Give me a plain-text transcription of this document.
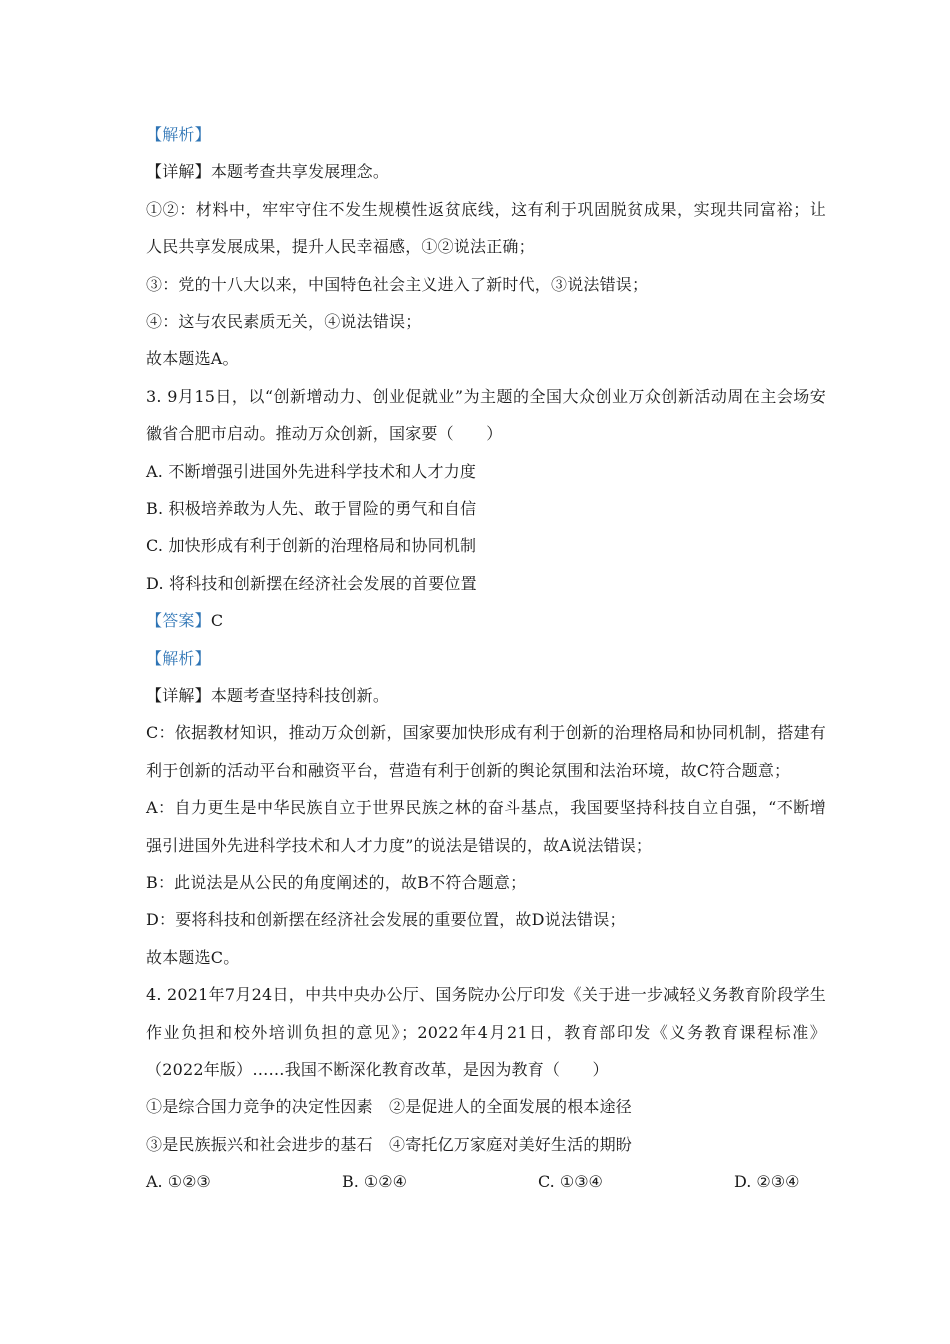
【解析】
【详解】本题考查共享发展理念。
①②：材料中，牢牢守住不发生规模性返贫底线，这有利于巩固脱贫成果，实现共同富裕；让人民共享发展成果，提升人民幸福感，①②说法正确；
③：党的十八大以来，中国特色社会主义进入了新时代，③说法错误；
④：这与农民素质无关，④说法错误；
故本题选A。
3. 9月15日，以“创新增动力、创业促就业”为主题的全国大众创业万众创新活动周在主会场安徽省合肥市启动。推动万众创新，国家要（　　）
A. 不断增强引进国外先进科学技术和人才力度
B. 积极培养敢为人先、敢于冒险的勇气和自信
C. 加快形成有利于创新的治理格局和协同机制
D. 将科技和创新摆在经济社会发展的首要位置
【答案】C
【解析】
【详解】本题考查坚持科技创新。
C：依据教材知识，推动万众创新，国家要加快形成有利于创新的治理格局和协同机制，搭建有利于创新的活动平台和融资平台，营造有利于创新的舆论氛围和法治环境，故C符合题意；
A：自力更生是中华民族自立于世界民族之林的奋斗基点，我国要坚持科技自立自强，“不断增强引进国外先进科学技术和人才力度”的说法是错误的，故A说法错误；
B：此说法是从公民的角度阐述的，故B不符合题意；
D：要将科技和创新摆在经济社会发展的重要位置，故D说法错误；
故本题选C。
4. 2021年7月24日，中共中央办公厅、国务院办公厅印发《关于进一步减轻义务教育阶段学生作业负担和校外培训负担的意见》；2022年4月21日，教育部印发《义务教育课程标准》（2022年版）……我国不断深化教育改革，是因为教育（　　）
①是综合国力竞争的决定性因素　②是促进人的全面发展的根本途径
③是民族振兴和社会进步的基石　④寄托亿万家庭对美好生活的期盼
A. ①②③	B. ①②④	C. ①③④	D. ②③④
